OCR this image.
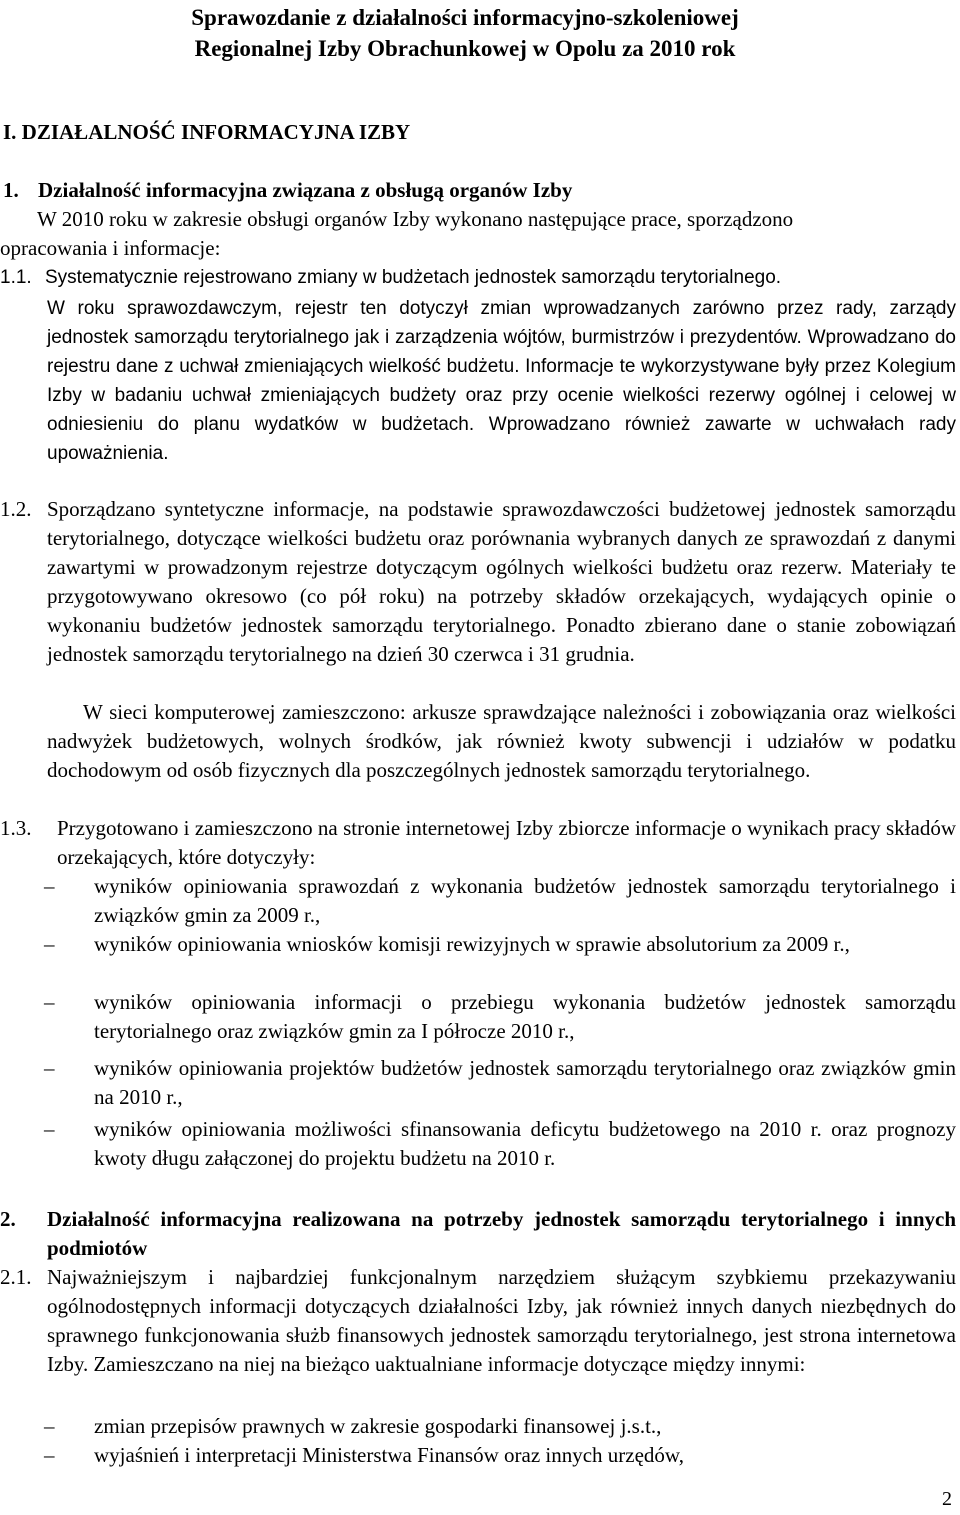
Sprawozdanie z działalności informacyjno-szkoleniowej
Regionalnej Izby Obrachunkowej w Opolu za 2010 rok
I. DZIAŁALNOŚĆ INFORMACYJNA IZBY
1. Działalność informacyjna związana z obsługą organów Izby
W 2010 roku w zakresie obsługi organów Izby wykonano następujące prace, sporządzono
opracowania i informacje:
1.1. Systematycznie rejestrowano zmiany w budżetach jednostek samorządu terytorialnego.
W roku sprawozdawczym, rejestr ten dotyczył zmian wprowadzanych zarówno przez rady, zarządy jednostek samorządu terytorialnego jak i zarządzenia wójtów, burmistrzów i prezydentów. Wprowadzano do rejestru dane z uchwał zmieniających wielkość budżetu. Informacje te wykorzystywane były przez Kolegium Izby w badaniu uchwał zmieniających budżety oraz przy ocenie wielkości rezerwy ogólnej i celowej w odniesieniu do planu wydatków w budżetach. Wprowadzano również zawarte w uchwałach rady upoważnienia.
1.2. Sporządzano syntetyczne informacje, na podstawie sprawozdawczości budżetowej jednostek samorządu terytorialnego, dotyczące wielkości budżetu oraz porównania wybranych danych ze sprawozdań z danymi zawartymi w prowadzonym rejestrze dotyczącym ogólnych wielkości budżetu oraz rezerw. Materiały te przygotowywano okresowo (co pół roku) na potrzeby składów orzekających, wydających opinie o wykonaniu budżetów jednostek samorządu terytorialnego. Ponadto zbierano dane o stanie zobowiązań jednostek samorządu terytorialnego na dzień 30 czerwca i 31 grudnia.
W sieci komputerowej zamieszczono: arkusze sprawdzające należności i zobowiązania oraz wielkości nadwyżek budżetowych, wolnych środków, jak również kwoty subwencji i udziałów w podatku dochodowym od osób fizycznych dla poszczególnych jednostek samorządu terytorialnego.
1.3. Przygotowano i zamieszczono na stronie internetowej Izby zbiorcze informacje o wynikach pracy składów orzekających, które dotyczyły:
–	wyników opiniowania sprawozdań z wykonania budżetów jednostek samorządu terytorialnego i związków gmin za 2009 r.,
–	wyników opiniowania wniosków komisji rewizyjnych w sprawie absolutorium za 2009 r.,
–	wyników opiniowania informacji o przebiegu wykonania budżetów jednostek samorządu terytorialnego oraz związków gmin za I półrocze 2010 r.,
–	wyników opiniowania projektów budżetów jednostek samorządu terytorialnego oraz związków gmin na 2010 r.,
–	wyników opiniowania możliwości sfinansowania deficytu budżetowego na 2010 r. oraz prognozy kwoty długu załączonej do projektu budżetu na 2010 r.
2. Działalność informacyjna realizowana na potrzeby jednostek samorządu terytorialnego i innych podmiotów
2.1. Najważniejszym i najbardziej funkcjonalnym narzędziem służącym szybkiemu przekazywaniu ogólnodostępnych informacji dotyczących działalności Izby, jak również innych danych niezbędnych do sprawnego funkcjonowania służb finansowych jednostek samorządu terytorialnego, jest strona internetowa Izby. Zamieszczano na niej na bieżąco uaktualniane informacje dotyczące między innymi:
–	zmian przepisów prawnych w zakresie gospodarki finansowej j.s.t.,
–	wyjaśnień i interpretacji Ministerstwa Finansów oraz innych urzędów,
2
